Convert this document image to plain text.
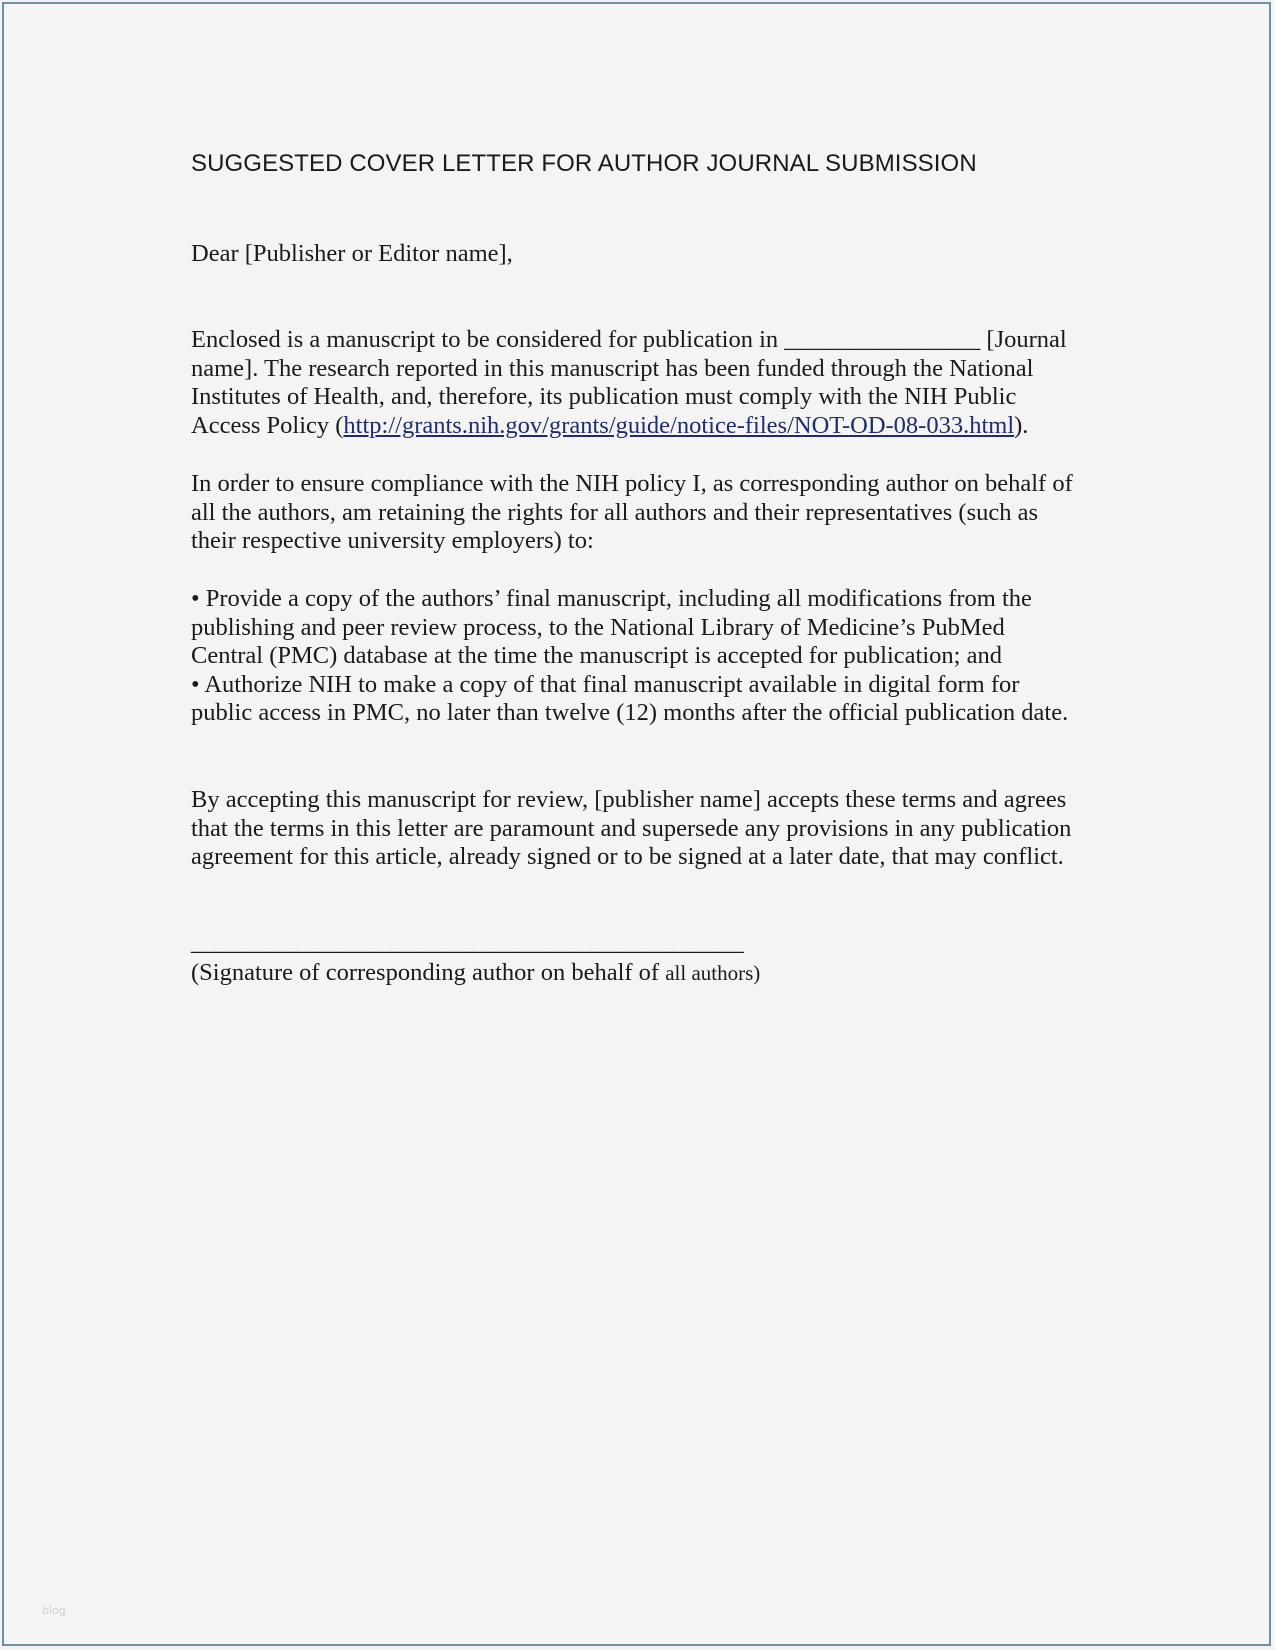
SUGGESTED COVER LETTER FOR AUTHOR JOURNAL SUBMISSION

Dear [Publisher or Editor name],

Enclosed is a manuscript to be considered for publication in ________________ [Journal
name]. The research reported in this manuscript has been funded through the National
Institutes of Health, and, therefore, its publication must comply with the NIH Public
Access Policy (http://grants.nih.gov/grants/guide/notice-files/NOT-OD-08-033.html).

In order to ensure compliance with the NIH policy I, as corresponding author on behalf of
all the authors, am retaining the rights for all authors and their representatives (such as
their respective university employers) to:

• Provide a copy of the authors’ final manuscript, including all modifications from the
publishing and peer review process, to the National Library of Medicine’s PubMed
Central (PMC) database at the time the manuscript is accepted for publication; and
• Authorize NIH to make a copy of that final manuscript available in digital form for
public access in PMC, no later than twelve (12) months after the official publication date.

By accepting this manuscript for review, [publisher name] accepts these terms and agrees
that the terms in this letter are paramount and supersede any provisions in any publication
agreement for this article, already signed or to be signed at a later date, that may conflict.

_______________________________________________

(Signature of corresponding author on behalf of all authors)

blog
